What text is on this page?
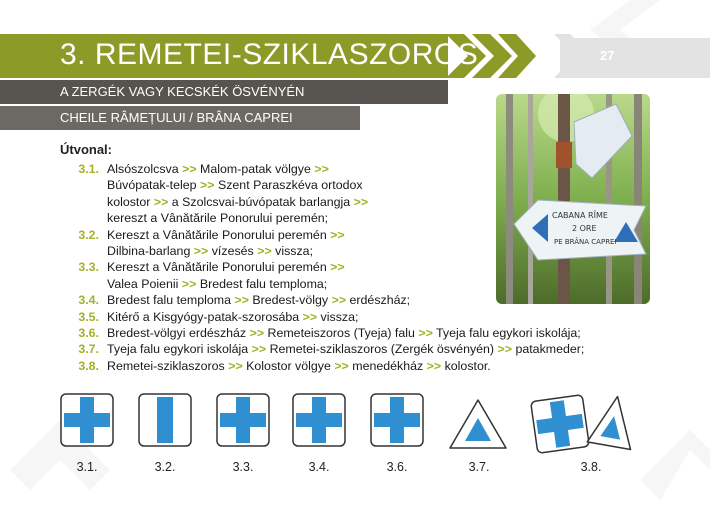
27
3. REMETEI-SZIKLASZOROS
A ZERGÉK VAGY KECSKÉK ÖSVÉNYÉN
CHEILE RÂMEȚULUI / BRÂNA CAPREI
CABANA RÎME
2 ORE
PE BRÂNA CAPREI
Útvonal:
3.1. Alsószolcsva >> Malom-patak völgye >>
Búvópatak-telep >> Szent Paraszkéva ortodox
kolostor >> a Szolcsvai-búvópatak barlangja >>
kereszt a Vânătările Ponorului peremén;
3.2. Kereszt a Vânătările Ponorului peremén >>
Dilbina-barlang >> vízesés >> vissza;
3.3. Kereszt a Vânătările Ponorului peremén >>
Valea Poienii >> Bredest falu temploma;
3.4. Bredest falu temploma >> Bredest-völgy >> erdészház;
3.5. Kitérő a Kisgyógy-patak-szorosába >> vissza;
3.6. Bredest-völgyi erdészház >> Remeteiszoros (Tyeja) falu >> Tyeja falu egykori iskolája;
3.7. Tyeja falu egykori iskolája >> Remetei-sziklaszoros (Zergék ösvényén) >> patakmeder;
3.8. Remetei-sziklaszoros >> Kolostor völgye >> menedékház >> kolostor.
3.1.	3.2.	3.3.	3.4.	3.6.	3.7.	3.8.
